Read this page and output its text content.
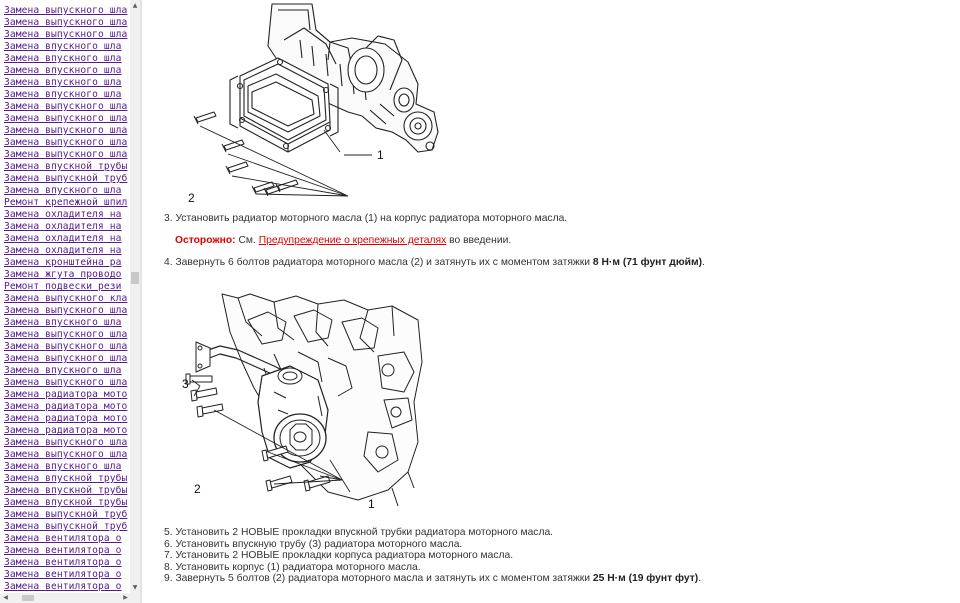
Замена выпускного шла
Замена выпускного шла
Замена выпускного шла
Замена впускного шла
Замена впускного шла
Замена впускного шла
Замена впускного шла
Замена впускного шла
Замена выпускного шла
Замена выпускного шла
Замена выпускного шла
Замена выпускного шла
Замена выпускного шла
Замена впускной трубы
Замена выпускной труб
Замена впускного шла
Ремонт крепежной шпил
Замена охладителя на
Замена охладителя на
Замена охладителя на
Замена охладителя на
Замена кронштейна ра
Замена жгута проводо
Ремонт подвески рези
Замена выпускного кла
Замена выпускного шла
Замена впускного шла
Замена выпускного шла
Замена выпускного шла
Замена выпускного шла
Замена впускного шла
Замена выпускного шла
Замена радиатора мото
Замена радиатора мото
Замена радиатора мото
Замена радиатора мото
Замена выпускного шла
Замена выпускного шла
Замена впускного шла
Замена впускной трубы
Замена впускной трубы
Замена впускной трубы
Замена выпускной труб
Замена выпускной труб
Замена вентилятора о
Замена вентилятора о
Замена вентилятора о
Замена вентилятора о
Замена вентилятора о
▲
▼
◀	▶
1
2
3. Установить радиатор моторного масла (1) на корпус радиатора моторного масла.
Осторожно: См. Предупреждение о крепежных деталях во введении.
4. Завернуть 6 болтов радиатора моторного масла (2) и затянуть их с моментом затяжки 8 Н·м (71 фунт дюйм).
3
2
1
5. Установить 2 НОВЫЕ прокладки впускной трубки радиатора моторного масла.
6. Установить впускную трубу (3) радиатора моторного масла.
7. Установить 2 НОВЫЕ прокладки корпуса радиатора моторного масла.
8. Установить корпус (1) радиатора моторного масла.
9. Завернуть 5 болтов (2) радиатора моторного масла и затянуть их с моментом затяжки 25 Н·м (19 фунт фут).
